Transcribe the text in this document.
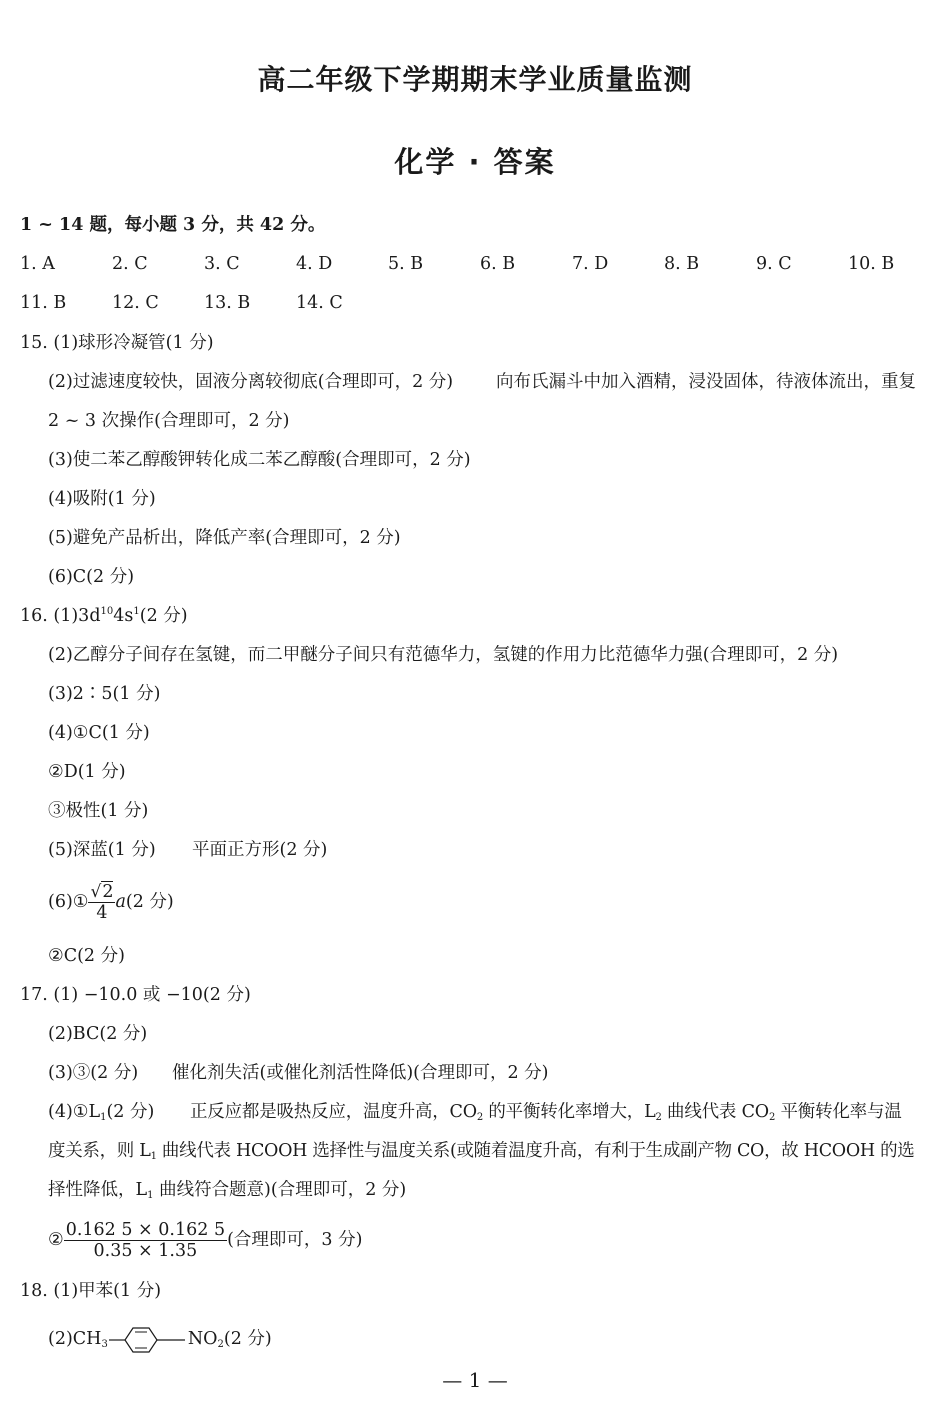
高二年级下学期期末学业质量监测
化学 · 答案
1 ~ 14 题，每小题 3 分，共 42 分。
1. A	2. C	3. C	4. D	5. B	6. B	7. D	8. B	9. C	10. B
11. B	12. C	13. B	14. C
15. (1)球形冷凝管(1 分)
(2)过滤速度较快，固液分离较彻底(合理即可，2 分) 向布氏漏斗中加入酒精，浸没固体，待液体流出，重复
2 ~ 3 次操作(合理即可，2 分)
(3)使二苯乙醇酸钾转化成二苯乙醇酸(合理即可，2 分)
(4)吸附(1 分)
(5)避免产品析出，降低产率(合理即可，2 分)
(6)C(2 分)
16. $(1)3d^{10}4s^1(2$ 分)
(2)乙醇分子间存在氢键，而二甲醚分子间只有范德华力，氢键的作用力比范德华力强(合理即可，2 分)
(3)2∶5(1 分)
(4)①C(1 分)
②D(1 分)
③极性(1 分)
(5)深蓝(1 分) 平面正方形(2 分)
(6)① $\frac{√2}{4} a(2$ 分)
②C(2 分)
17. (1) −10.0 或 −10(2 分)
(2)BC(2 分)
(3)③(2 分) 催化剂失活(或催化剂活性降低)(合理即可，2 分)
$(4)①L_1(2$ 分) 正反应都是吸热反应，温度升高，$CO_2$ 的平衡转化率增大，$L_2$ 曲线代表 $CO_2$ 平衡转化率与温
度关系，则 $L_1$ 曲线代表 HCOOH 选择性与温度关系(或随着温度升高，有利于生成副产物 CO，故 HCOOH 的选
择性降低，$L_1$ 曲线符合题意)(合理即可，2 分)
② $\frac{0.162 5 \times 0.162 5}{0.35 \times 1.35}$ (合理即可，3 分)
18. (1)甲苯(1 分)
$(2)CH_3$	$NO_2(2$ 分)
— 1 —
